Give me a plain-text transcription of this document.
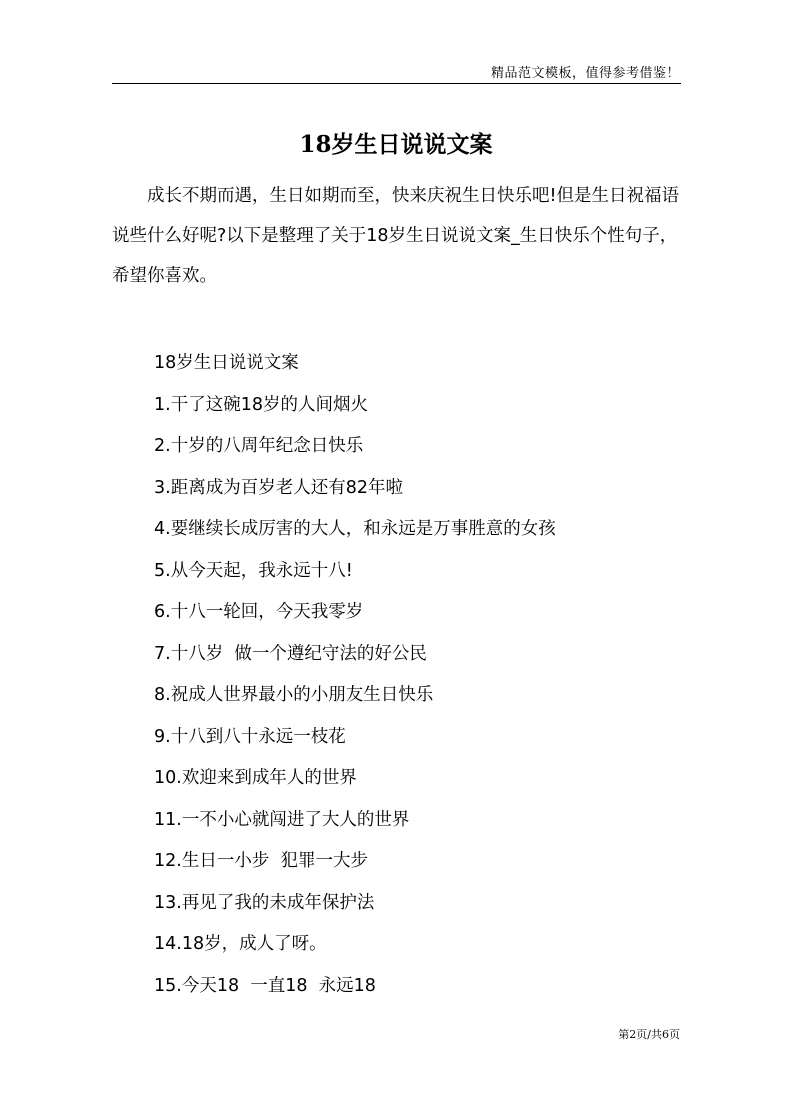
精品范文模板，值得参考借鉴！
18岁生日说说文案

成长不期而遇，生日如期而至，快来庆祝生日快乐吧!但是生日祝福语说些什么好呢?以下是整理了关于18岁生日说说文案_生日快乐个性句子，希望你喜欢。

18岁生日说说文案
1.干了这碗18岁的人间烟火
2.十岁的八周年纪念日快乐
3.距离成为百岁老人还有82年啦
4.要继续长成厉害的大人，和永远是万事胜意的女孩
5.从今天起，我永远十八!
6.十八一轮回，今天我零岁
7.十八岁  做一个遵纪守法的好公民
8.祝成人世界最小的小朋友生日快乐
9.十八到八十永远一枝花
10.欢迎来到成年人的世界
11.一不小心就闯进了大人的世界
12.生日一小步  犯罪一大步
13.再见了我的未成年保护法
14.18岁，成人了呀。
15.今天18  一直18  永远18
第2页/共6页
